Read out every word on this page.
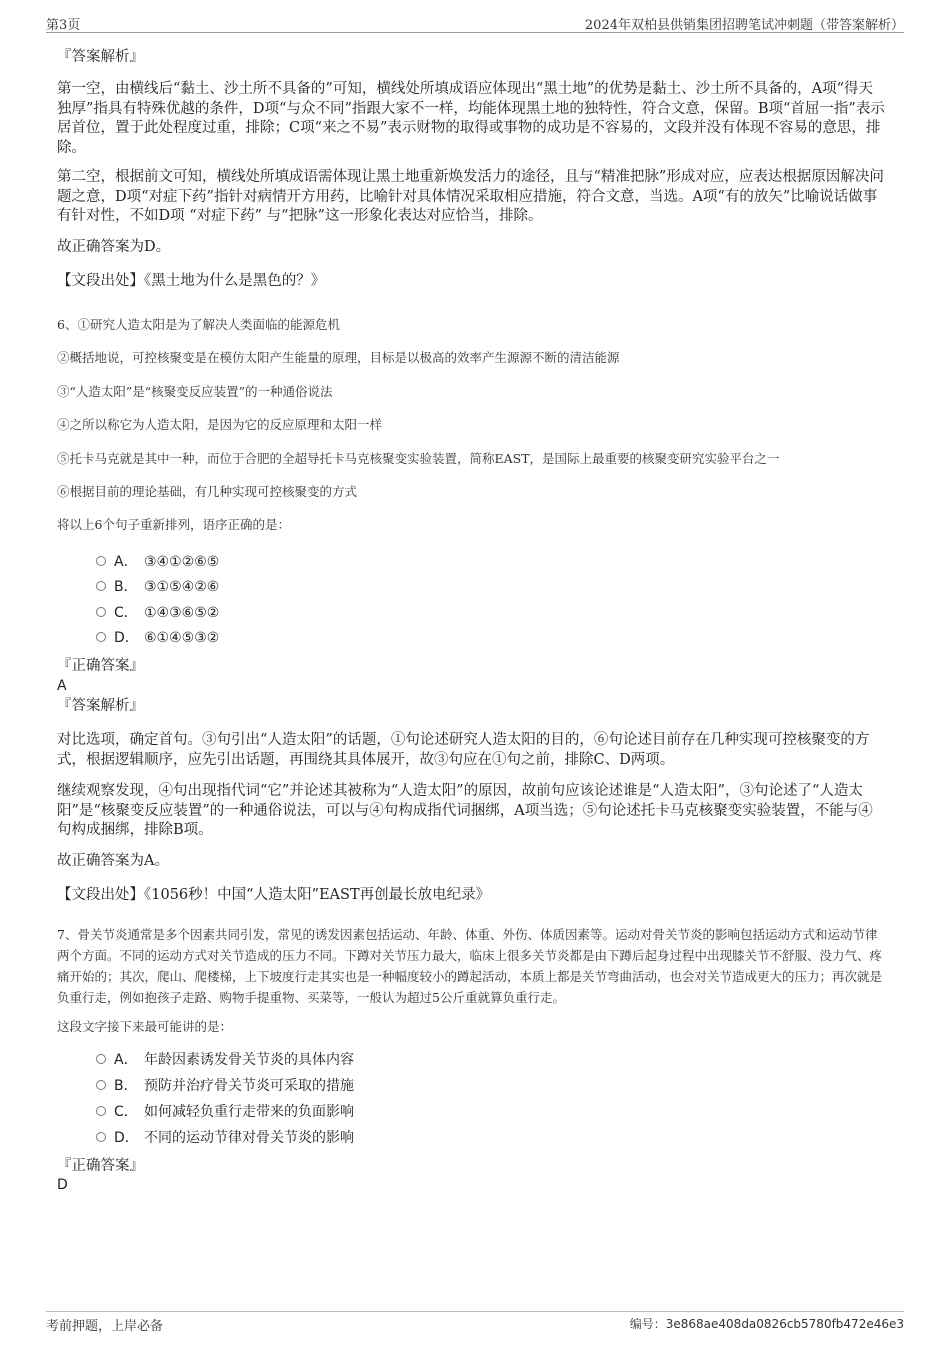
第3页	2024年双柏县供销集团招聘笔试冲刺题（带答案解析）

『答案解析』

第一空，由横线后“黏土、沙土所不具备的”可知，横线处所填成语应体现出“黑土地”的优势是黏土、沙土所不具备的，A项“得天独厚”指具有特殊优越的条件，D项“与众不同”指跟大家不一样，均能体现黑土地的独特性，符合文意，保留。B项“首屈一指”表示居首位，置于此处程度过重，排除；C项“来之不易”表示财物的取得或事物的成功是不容易的，文段并没有体现不容易的意思，排除。

第二空，根据前文可知，横线处所填成语需体现让黑土地重新焕发活力的途径，且与“精准把脉”形成对应，应表达根据原因解决问题之意，D项“对症下药”指针对病情开方用药，比喻针对具体情况采取相应措施，符合文意，当选。A项“有的放矢”比喻说话做事有针对性，不如D项 “对症下药” 与“把脉”这一形象化表达对应恰当，排除。

故正确答案为D。

【文段出处】《黑土地为什么是黑色的？》

6、①研究人造太阳是为了解决人类面临的能源危机

②概括地说，可控核聚变是在模仿太阳产生能量的原理，目标是以极高的效率产生源源不断的清洁能源

③“人造太阳”是“核聚变反应装置”的一种通俗说法

④之所以称它为人造太阳，是因为它的反应原理和太阳一样

⑤托卡马克就是其中一种，而位于合肥的全超导托卡马克核聚变实验装置，简称EAST，是国际上最重要的核聚变研究实验平台之一

⑥根据目前的理论基础，有几种实现可控核聚变的方式

将以上6个句子重新排列，语序正确的是：

A． ③④①②⑥⑤
B． ③①⑤④②⑥
C． ①④③⑥⑤②
D． ⑥①④⑤③②

『正确答案』

A

『答案解析』

对比选项，确定首句。③句引出“人造太阳”的话题，①句论述研究人造太阳的目的，⑥句论述目前存在几种实现可控核聚变的方式，根据逻辑顺序，应先引出话题，再围绕其具体展开，故③句应在①句之前，排除C、D两项。

继续观察发现，④句出现指代词“它”并论述其被称为“人造太阳”的原因，故前句应该论述谁是“人造太阳”，③句论述了“人造太阳”是“核聚变反应装置”的一种通俗说法，可以与④句构成指代词捆绑，A项当选；⑤句论述托卡马克核聚变实验装置，不能与④句构成捆绑，排除B项。

故正确答案为A。

【文段出处】《1056秒！中国“人造太阳”EAST再创最长放电纪录》

7、骨关节炎通常是多个因素共同引发，常见的诱发因素包括运动、年龄、体重、外伤、体质因素等。运动对骨关节炎的影响包括运动方式和运动节律两个方面。不同的运动方式对关节造成的压力不同。下蹲对关节压力最大，临床上很多关节炎都是由下蹲后起身过程中出现膝关节不舒服、没力气、疼痛开始的；其次，爬山、爬楼梯，上下坡度行走其实也是一种幅度较小的蹲起活动，本质上都是关节弯曲活动，也会对关节造成更大的压力；再次就是负重行走，例如抱孩子走路、购物手提重物、买菜等，一般认为超过5公斤重就算负重行走。

这段文字接下来最可能讲的是：

A． 年龄因素诱发骨关节炎的具体内容
B． 预防并治疗骨关节炎可采取的措施
C． 如何减轻负重行走带来的负面影响
D． 不同的运动节律对骨关节炎的影响

『正确答案』

D

考前押题，上岸必备	编号：3e868ae408da0826cb5780fb472e46e3
